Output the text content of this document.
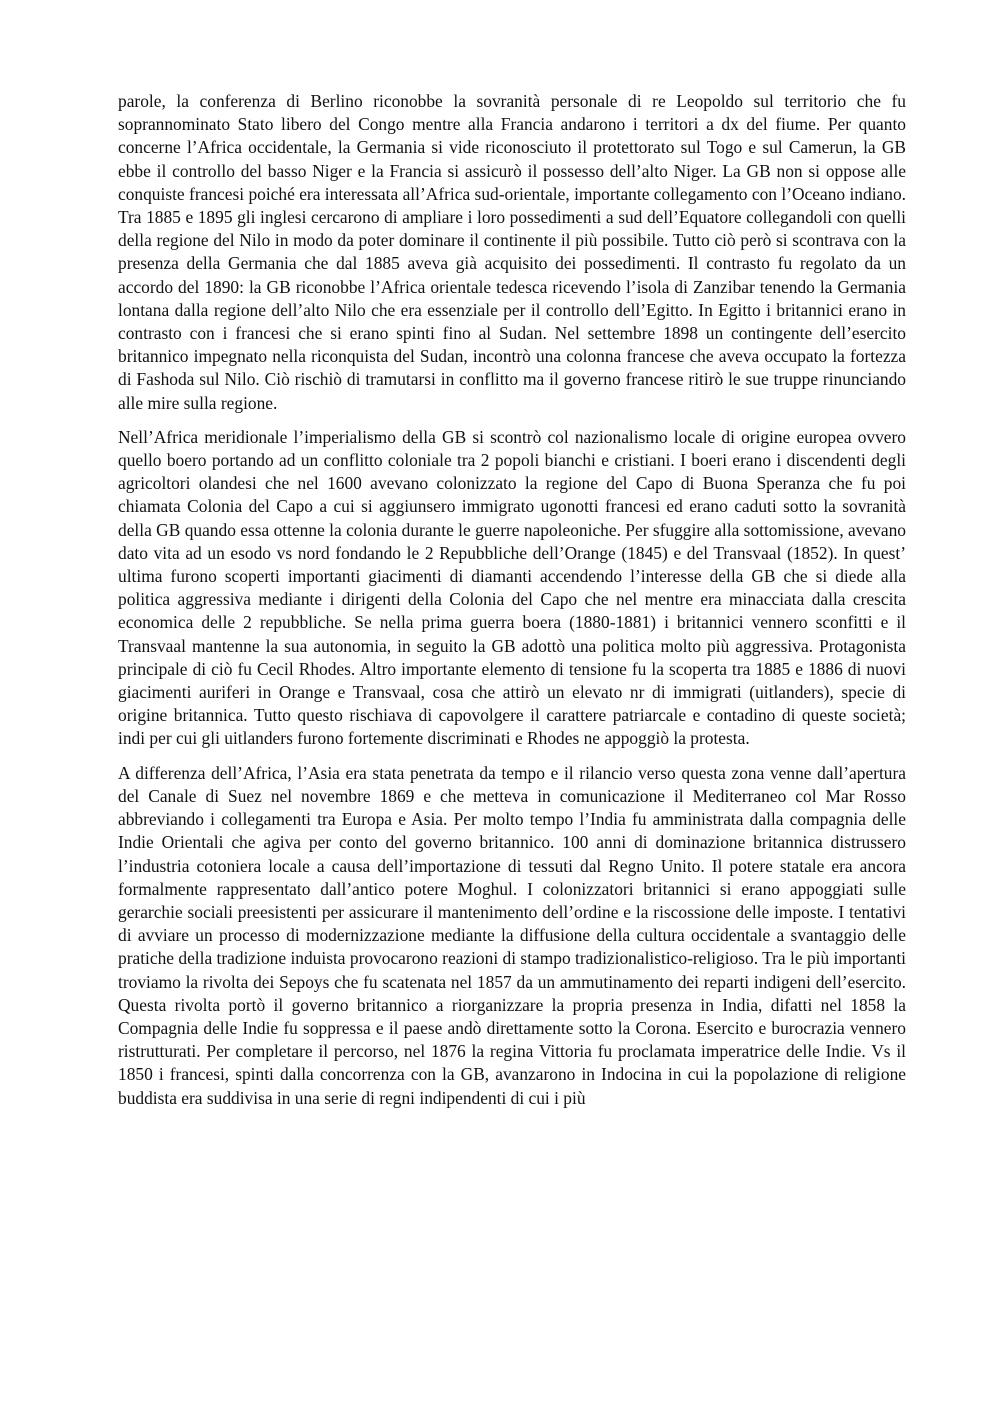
parole, la conferenza di Berlino riconobbe la sovranità personale di re Leopoldo sul territorio che fu soprannominato Stato libero del Congo mentre alla Francia andarono i territori a dx del fiume. Per quanto concerne l’Africa occidentale, la Germania si vide riconosciuto il protettorato sul Togo e sul Camerun, la GB ebbe il controllo del basso Niger e la Francia si assicurò il possesso dell’alto Niger. La GB non si oppose alle conquiste francesi poiché era interessata all’Africa sud-orientale, importante collegamento con l’Oceano indiano. Tra 1885 e 1895 gli inglesi cercarono di ampliare i loro possedimenti a sud dell’Equatore collegandoli con quelli della regione del Nilo in modo da poter dominare il continente il più possibile. Tutto ciò però si scontrava con la presenza della Germania che dal 1885 aveva già acquisito dei possedimenti. Il contrasto fu regolato da un accordo del 1890: la GB riconobbe l’Africa orientale tedesca ricevendo l’isola di Zanzibar tenendo la Germania lontana dalla regione dell’alto Nilo che era essenziale per il controllo dell’Egitto. In Egitto i britannici erano in contrasto con i francesi che si erano spinti fino al Sudan. Nel settembre 1898 un contingente dell’esercito britannico impegnato nella riconquista del Sudan, incontrò una colonna francese che aveva occupato la fortezza di Fashoda sul Nilo. Ciò rischiò di tramutarsi in conflitto ma il governo francese ritirò le sue truppe rinunciando alle mire sulla regione.

Nell’Africa meridionale l’imperialismo della GB si scontrò col nazionalismo locale di origine europea ovvero quello boero portando ad un conflitto coloniale tra 2 popoli bianchi e cristiani. I boeri erano i discendenti degli agricoltori olandesi che nel 1600 avevano colonizzato la regione del Capo di Buona Speranza che fu poi chiamata Colonia del Capo a cui si aggiunsero immigrato ugonotti francesi ed erano caduti sotto la sovranità della GB quando essa ottenne la colonia durante le guerre napoleoniche. Per sfuggire alla sottomissione, avevano dato vita ad un esodo vs nord fondando le 2 Repubbliche dell’Orange (1845) e del Transvaal (1852). In quest’ ultima furono scoperti importanti giacimenti di diamanti accendendo l’interesse della GB che si diede alla politica aggressiva mediante i dirigenti della Colonia del Capo che nel mentre era minacciata dalla crescita economica delle 2 repubbliche. Se nella prima guerra boera (1880-1881) i britannici vennero sconfitti e il Transvaal mantenne la sua autonomia, in seguito la GB adottò una politica molto più aggressiva. Protagonista principale di ciò fu Cecil Rhodes. Altro importante elemento di tensione fu la scoperta tra 1885 e 1886 di nuovi giacimenti auriferi in Orange e Transvaal, cosa che attirò un elevato nr di immigrati (uitlanders), specie di origine britannica. Tutto questo rischiava di capovolgere il carattere patriarcale e contadino di queste società; indi per cui gli uitlanders furono fortemente discriminati e Rhodes ne appoggiò la protesta.

A differenza dell’Africa, l’Asia era stata penetrata da tempo e il rilancio verso questa zona venne dall’apertura del Canale di Suez nel novembre 1869 e che metteva in comunicazione il Mediterraneo col Mar Rosso abbreviando i collegamenti tra Europa e Asia. Per molto tempo l’India fu amministrata dalla compagnia delle Indie Orientali che agiva per conto del governo britannico. 100 anni di dominazione britannica distrussero l’industria cotoniera locale a causa dell’importazione di tessuti dal Regno Unito. Il potere statale era ancora formalmente rappresentato dall’antico potere Moghul. I colonizzatori britannici si erano appoggiati sulle gerarchie sociali preesistenti per assicurare il mantenimento dell’ordine e la riscossione delle imposte. I tentativi di avviare un processo di modernizzazione mediante la diffusione della cultura occidentale a svantaggio delle pratiche della tradizione induista provocarono reazioni di stampo tradizionalistico-religioso. Tra le più importanti troviamo la rivolta dei Sepoys che fu scatenata nel 1857 da un ammutinamento dei reparti indigeni dell’esercito. Questa rivolta portò il governo britannico a riorganizzare la propria presenza in India, difatti nel 1858 la Compagnia delle Indie fu soppressa e il paese andò direttamente sotto la Corona. Esercito e burocrazia vennero ristrutturati. Per completare il percorso, nel 1876 la regina Vittoria fu proclamata imperatrice delle Indie. Vs il 1850 i francesi, spinti dalla concorrenza con la GB, avanzarono in Indocina in cui la popolazione di religione buddista era suddivisa in una serie di regni indipendenti di cui i più
